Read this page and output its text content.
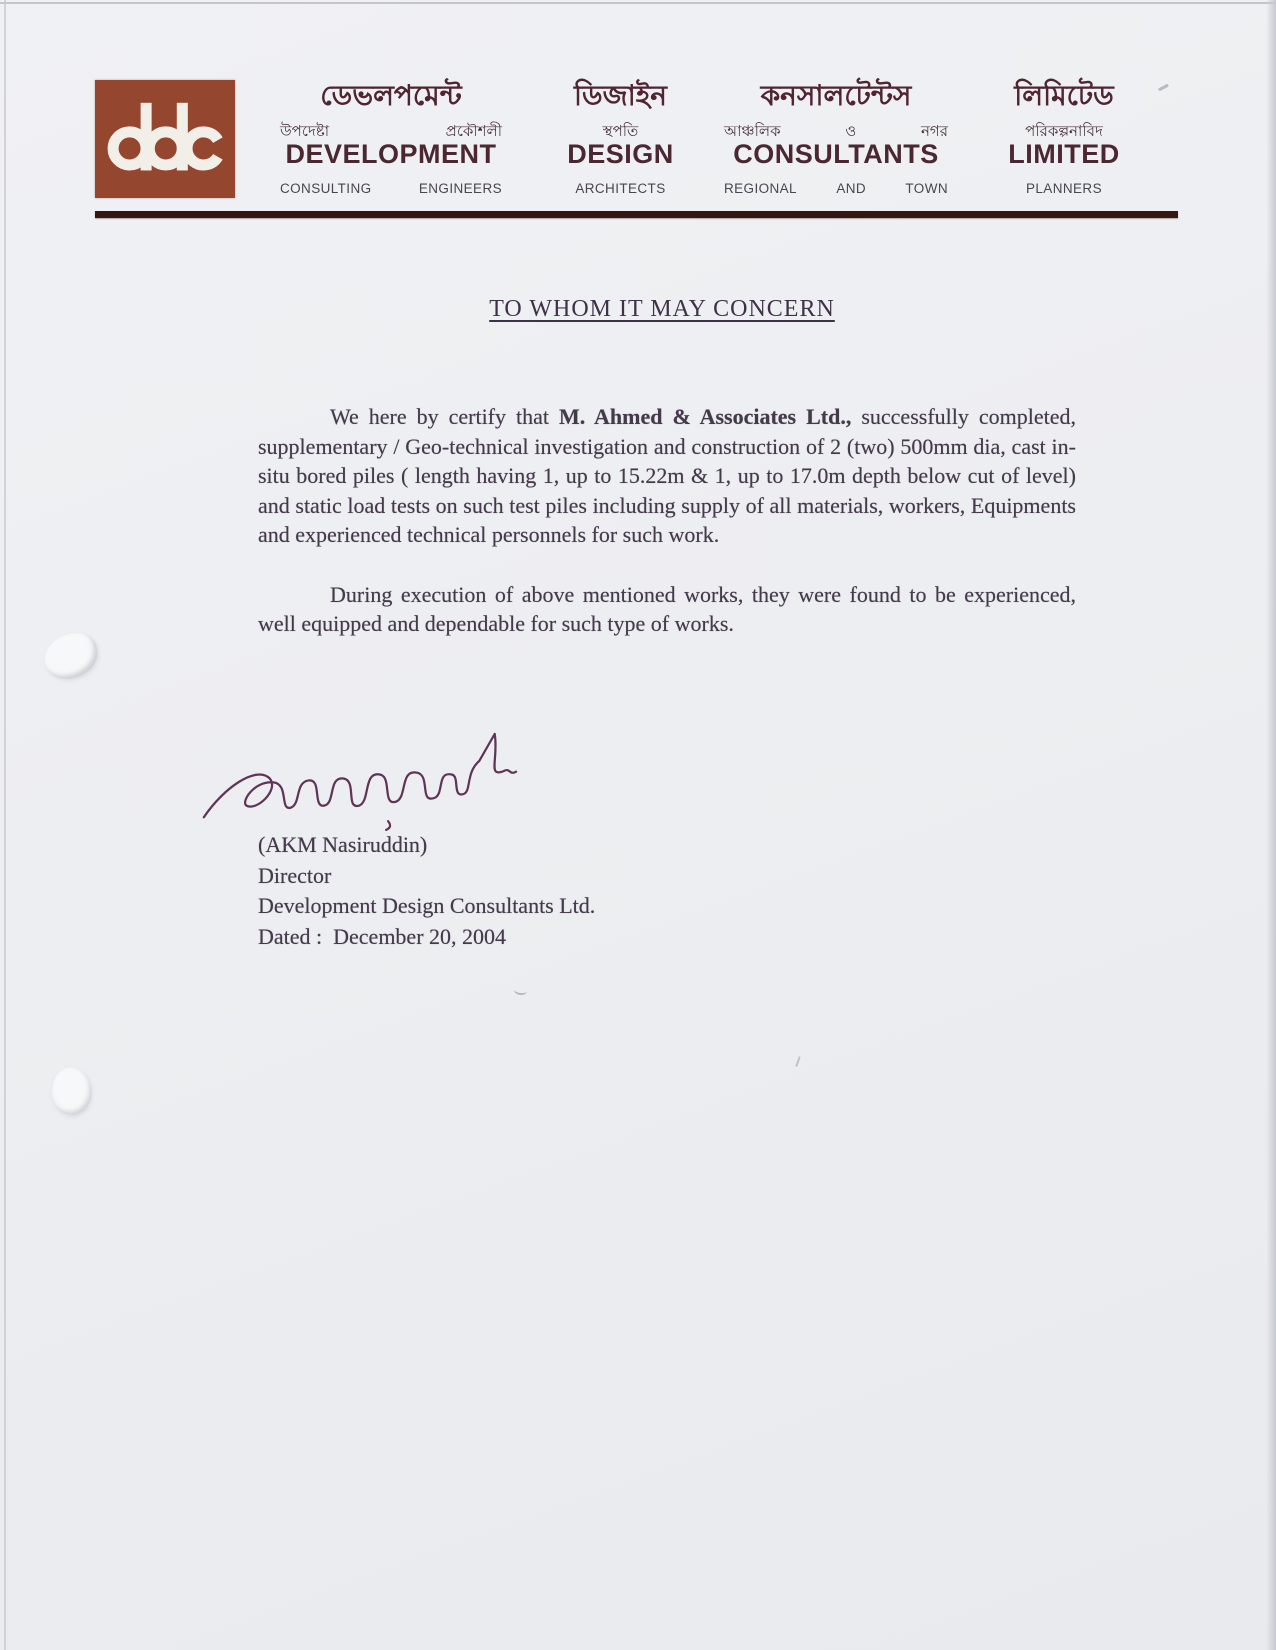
ডেভলপমেন্ট
উপদেষ্টা	প্রকৌশলী
DEVELOPMENT
CONSULTING	ENGINEERS
ডিজাইন
স্থপতি
DESIGN
ARCHITECTS
কনসালটেন্টস
আঞ্চলিক	ও	নগর
CONSULTANTS
REGIONAL	AND	TOWN
লিমিটেড
পরিকল্পনাবিদ
LIMITED
PLANNERS
TO WHOM IT MAY CONCERN

We here by certify that M. Ahmed & Associates Ltd., successfully completed, supplementary / Geo-technical investigation and construction of 2 (two) 500mm dia, cast in-situ bored piles ( length having 1, up to 15.22m & 1, up to 17.0m depth below cut of level) and static load tests on such test piles including supply of all materials, workers, Equipments and experienced technical personnels for such work.

During execution of above mentioned works, they were found to be experienced, well equipped and dependable for such type of works.

(AKM Nasiruddin)
Director
Development Design Consultants Ltd.
Dated :  December 20, 2004
